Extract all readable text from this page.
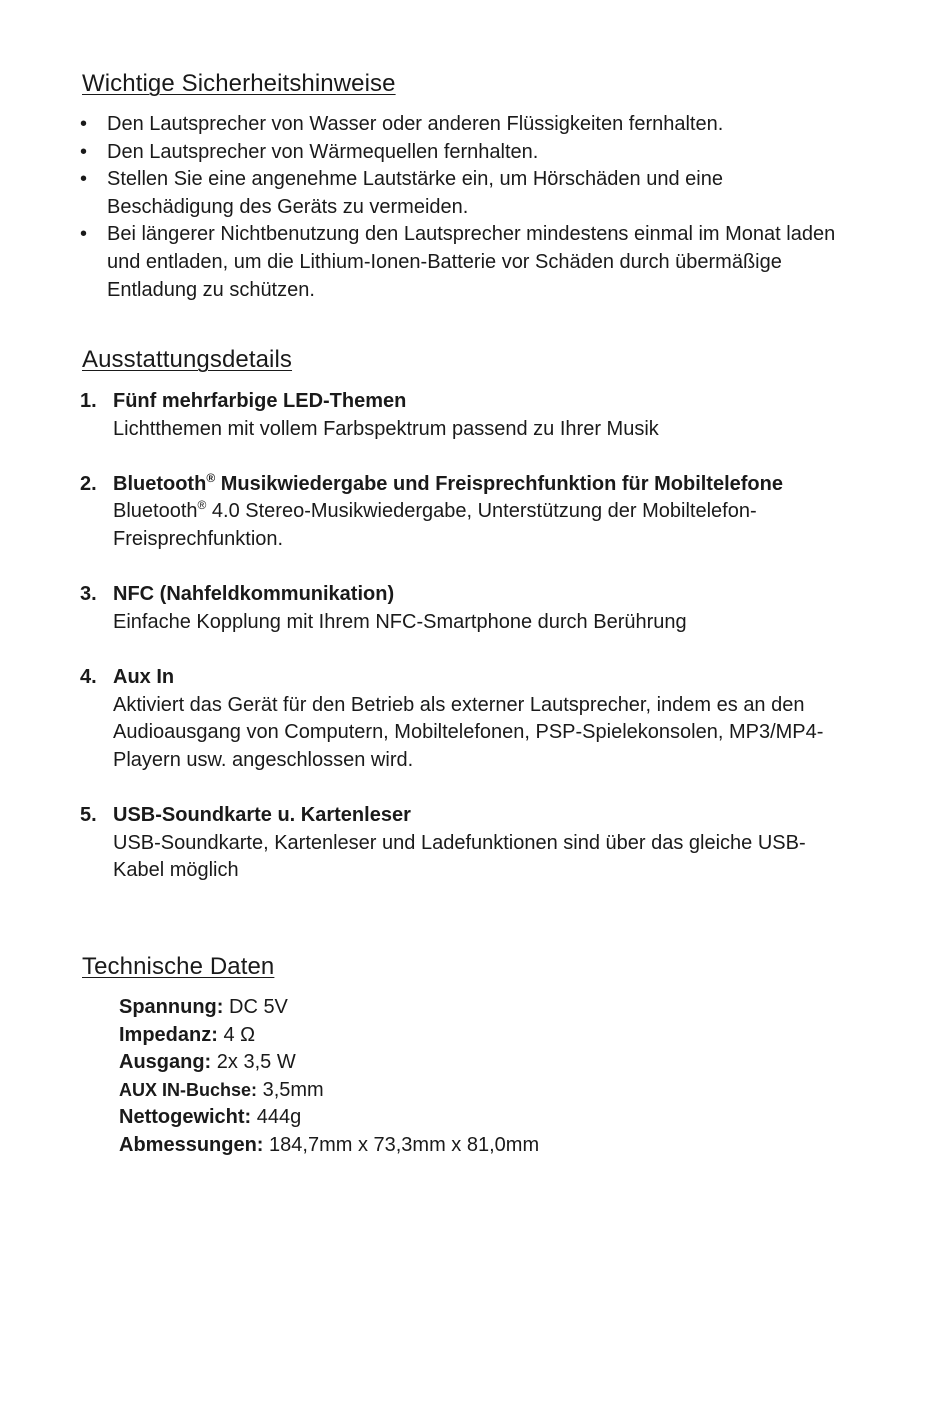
Wichtige Sicherheitshinweise
• Den Lautsprecher von Wasser oder anderen Flüssigkeiten fernhalten.
• Den Lautsprecher von Wärmequellen fernhalten.
• Stellen Sie eine angenehme Lautstärke ein, um Hörschäden und eine Beschädigung des Geräts zu vermeiden.
• Bei längerer Nichtbenutzung den Lautsprecher mindestens einmal im Monat laden und entladen, um die Lithium-Ionen-Batterie vor Schäden durch übermäßige Entladung zu schützen.
Ausstattungsdetails
1. Fünf mehrfarbige LED-Themen
Lichtthemen mit vollem Farbspektrum passend zu Ihrer Musik
2. Bluetooth® Musikwiedergabe und Freisprechfunktion für Mobiltelefone
Bluetooth® 4.0 Stereo-Musikwiedergabe, Unterstützung der Mobiltelefon-Freisprechfunktion.
3. NFC (Nahfeldkommunikation)
Einfache Kopplung mit Ihrem NFC-Smartphone durch Berührung
4. Aux In
Aktiviert das Gerät für den Betrieb als externer Lautsprecher, indem es an den Audioausgang von Computern, Mobiltelefonen, PSP-Spielekonsolen, MP3/MP4-Playern usw. angeschlossen wird.
5. USB-Soundkarte u. Kartenleser
USB-Soundkarte, Kartenleser und Ladefunktionen sind über das gleiche USB-Kabel möglich
Technische Daten
Spannung: DC 5V
Impedanz: 4 Ω
Ausgang: 2x 3,5 W
AUX IN-Buchse: 3,5mm
Nettogewicht: 444g
Abmessungen: 184,7mm x 73,3mm x 81,0mm
